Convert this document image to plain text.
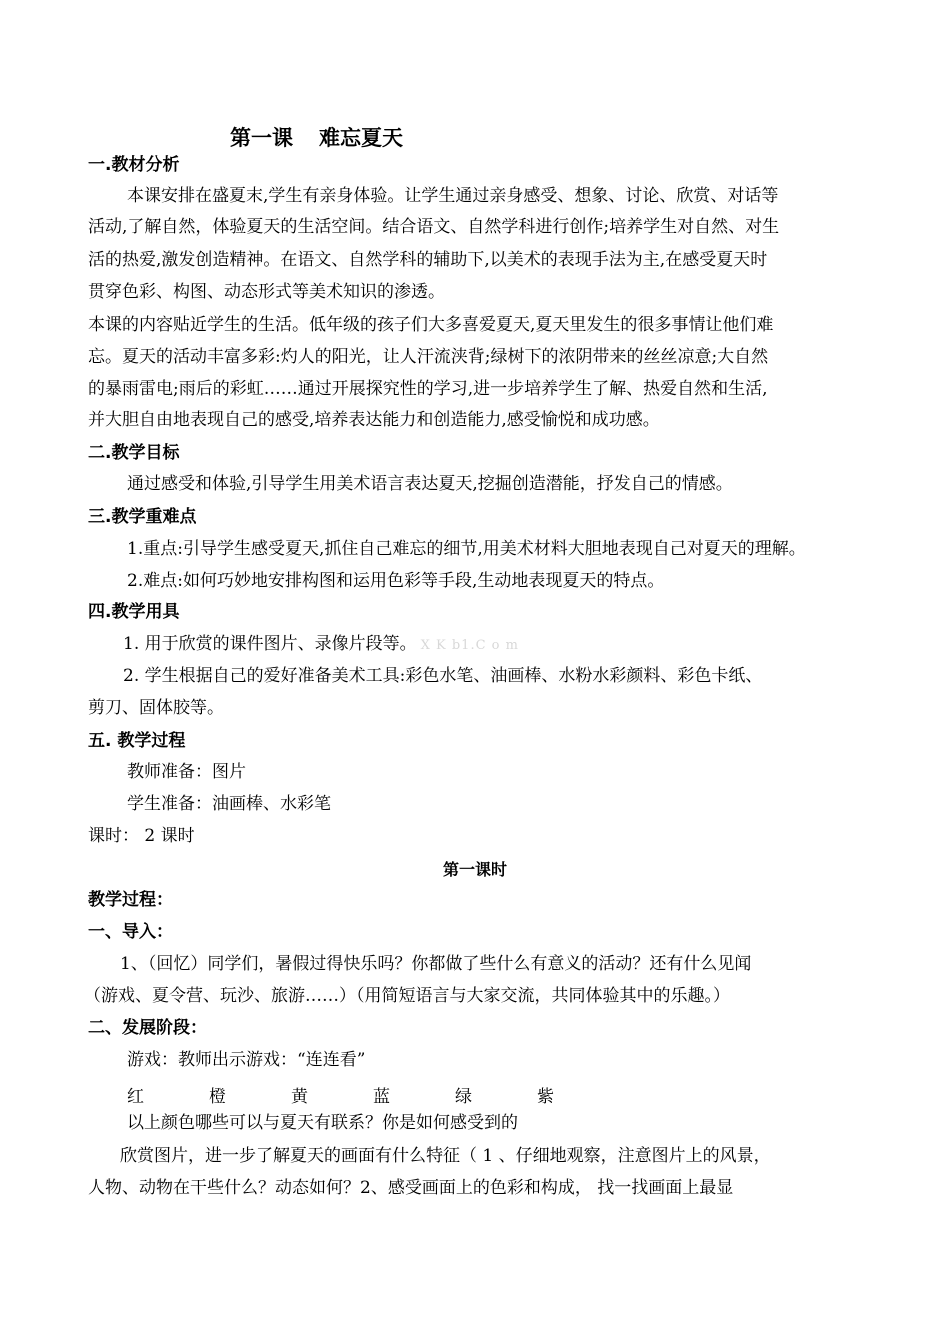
第一课 难忘夏天
一.教材分析
本课安排在盛夏末,学生有亲身体验。让学生通过亲身感受、想象、讨论、欣赏、对话等
活动,了解自然，体验夏天的生活空间。结合语文、自然学科进行创作;培养学生对自然、对生
活的热爱,激发创造精神。在语文、自然学科的辅助下,以美术的表现手法为主,在感受夏天时
贯穿色彩、构图、动态形式等美术知识的渗透。
本课的内容贴近学生的生活。低年级的孩子们大多喜爱夏天,夏天里发生的很多事情让他们难
忘。夏天的活动丰富多彩:灼人的阳光，让人汗流浃背;绿树下的浓阴带来的丝丝凉意;大自然
的暴雨雷电;雨后的彩虹……通过开展探究性的学习,进一步培养学生了解、热爱自然和生活,
并大胆自由地表现自己的感受,培养表达能力和创造能力,感受愉悦和成功感。
二.教学目标
通过感受和体验,引导学生用美术语言表达夏天,挖掘创造潜能，抒发自己的情感。
三.教学重难点
1.重点:引导学生感受夏天,抓住自己难忘的细节,用美术材料大胆地表现自己对夏天的理解。
2.难点:如何巧妙地安排构图和运用色彩等手段,生动地表现夏天的特点。
四.教学用具
1. 用于欣赏的课件图片、录像片段等。 X K b1.C o m
2. 学生根据自己的爱好准备美术工具:彩色水笔、油画棒、水粉水彩颜料、彩色卡纸、
剪刀、固体胶等。
五. 教学过程
教师准备：图片
学生准备：油画棒、水彩笔
课时： 2 课时
第一课时
教学过程：
一、导入：
1、（回忆）同学们，暑假过得快乐吗？你都做了些什么有意义的活动？还有什么见闻
（游戏、夏令营、玩沙、旅游……）（用简短语言与大家交流，共同体验其中的乐趣。）
二、发展阶段：
游戏：教师出示游戏：“连连看”
红	橙	黄	蓝	绿	紫
以上颜色哪些可以与夏天有联系？你是如何感受到的
欣赏图片，进一步了解夏天的画面有什么特征（ 1 、仔细地观察，注意图片上的风景，
人物、动物在干些什么？动态如何？2、感受画面上的色彩和构成， 找一找画面上最显
